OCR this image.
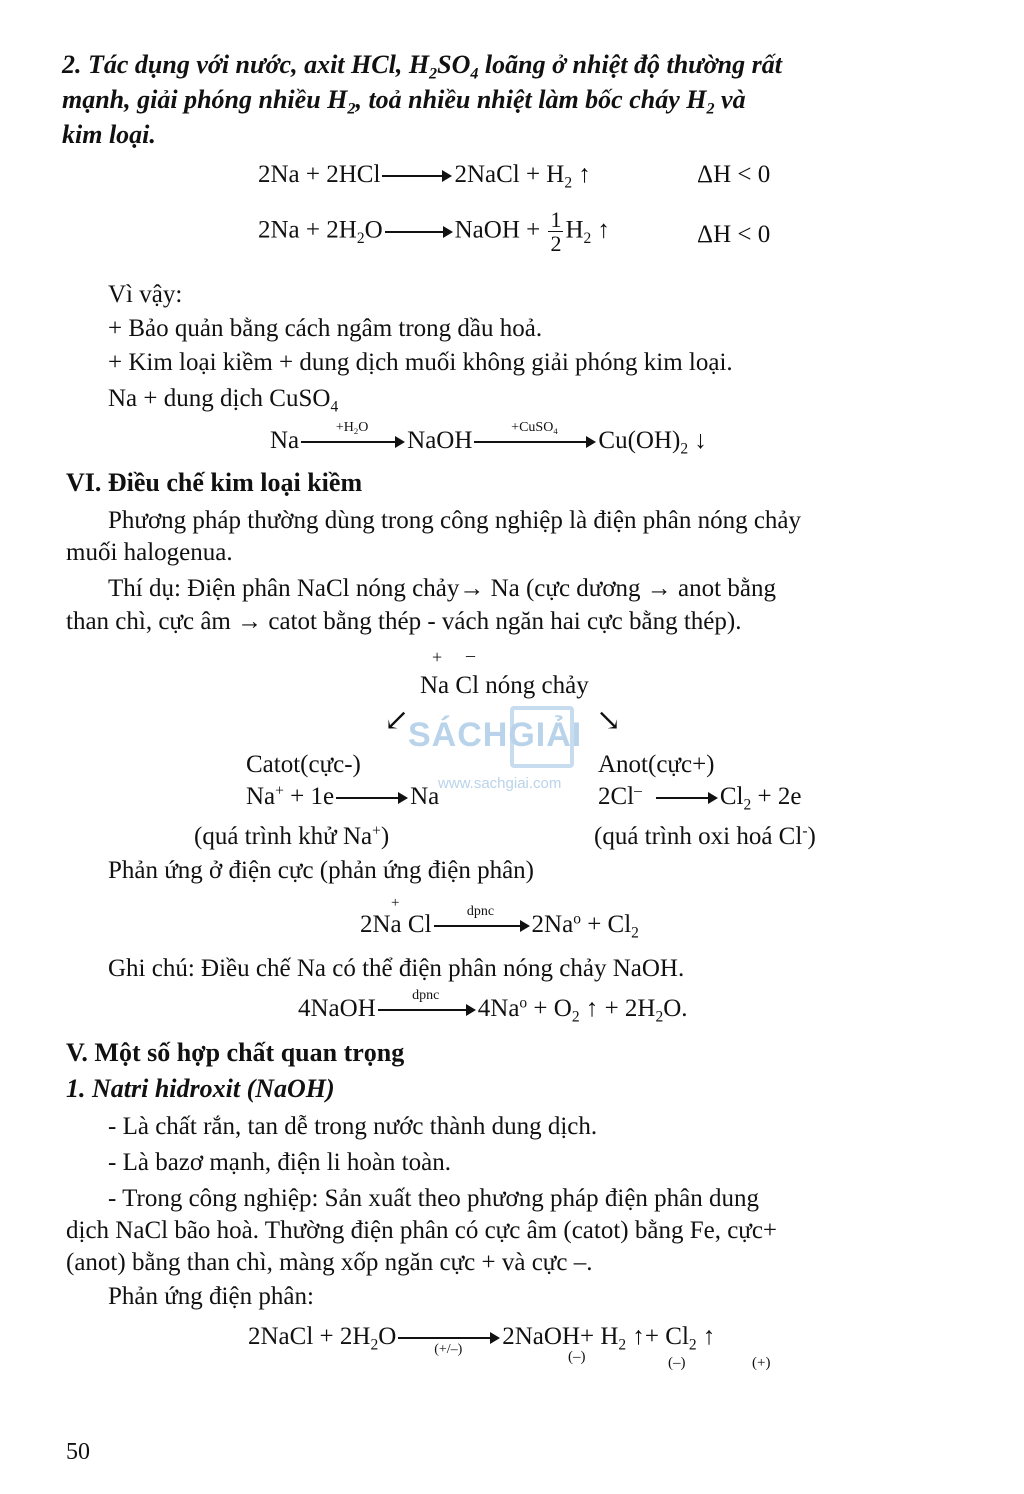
2. Tác dụng với nước, axit HCl, $H_2SO_4$ loãng ở nhiệt độ thường rất
mạnh, giải phóng nhiều $H_2$, toả nhiều nhiệt làm bốc cháy $H_2$ và
kim loại.
2Na + 2HCl	2NaCl + $H_2$ ↑	ΔH < 0
$2Na + 2H_2O$	NaOH + $\frac{1}{2} H_2$ ↑	ΔH < 0
Vì vậy:
+ Bảo quản bằng cách ngâm trong dầu hoả.
+ Kim loại kiềm + dung dịch muối không giải phóng kim loại.
Na + dung dịch CuSO$_4$
Na	$+H_2O$	NaOH	+CuSO$_4$	$Cu(OH)_2$ ↓
VI. Điều chế kim loại kiềm
Phương pháp thường dùng trong công nghiệp là điện phân nóng chảy
muối halogenua.
Thí dụ: Điện phân NaCl nóng chảy→ Na (cực dương → anot bằng
than chì, cực âm → catot bằng thép - vách ngăn hai cực bằng thép).
+ –
Na Cl nóng chảy
↙	↘
SÁCHGIẢI
www.sachgiai.com
Catot(cực-)	Anot(cực+)
Na+ + 1e	Na	2Cl–	$Cl_2 + 2e$
(quá trình khử Na+)	(quá trình oxi hoá Cl-)
Phản ứng ở điện cực (phản ứng điện phân)
+
2Na Cl	dpnc	$2Na^o + Cl_2$
Ghi chú: Điều chế Na có thể điện phân nóng chảy NaOH.
4NaOH	dpnc	$4Na^o + O_2$ ↑ + $2H_2O$.
V. Một số hợp chất quan trọng
1. Natri hidroxit (NaOH)
- Là chất rắn, tan dễ trong nước thành dung dịch.
- Là bazơ mạnh, điện li hoàn toàn.
- Trong công nghiệp: Sản xuất theo phương pháp điện phân dung
dịch NaCl bão hoà. Thường điện phân có cực âm (catot) bằng Fe, cực+
(anot) bằng than chì, màng xốp ngăn cực + và cực –.
Phản ứng điện phân:
2NaCl + $2H_2O$	(+/–)	2NaOH+ $H_2$ ↑+ $Cl_2$ ↑
(–)	(–)	(+)
50
